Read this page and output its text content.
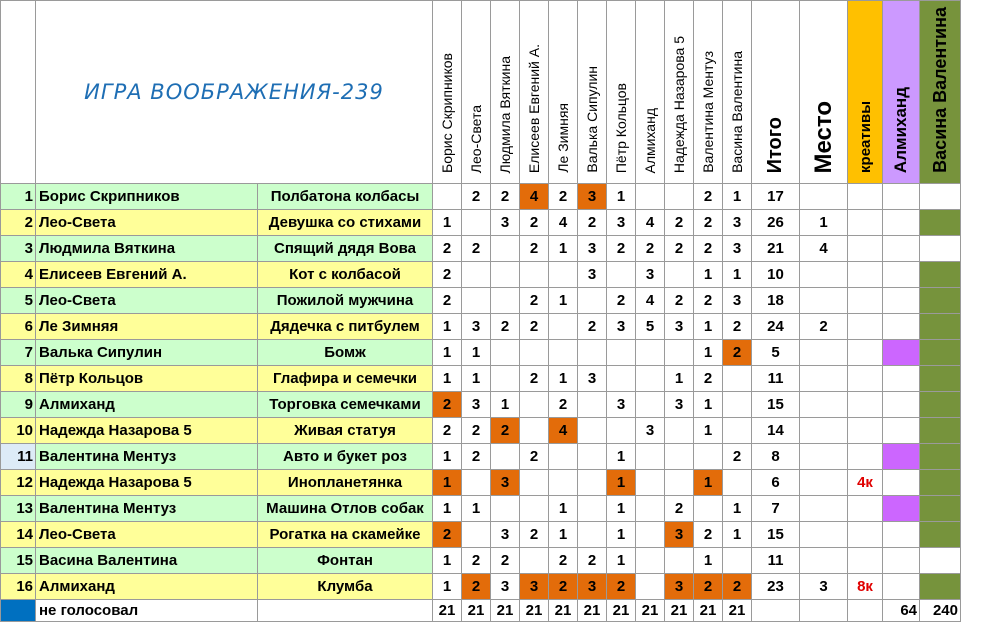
	ИГРА ВООБРАЖЕНИЯ-239		Борис Скрипников	Лео-Света	Людмила Вяткина	Елисеев Евгений А.	Ле Зимняя	Валька Сипулин	Пётр Кольцов	Алмиханд	Надежда Назарова 5	Валентина Ментуз	Васина Валентина	Итого	Место	креативы	Алмиханд	Васина Валентина
1	Борис Скрипников	Полбатона колбасы		2	2	4	2	3	1			2	1	17				
2	Лео-Света	Девушка со стихами	1		3	2	4	2	3	4	2	2	3	26	1			
3	Людмила Вяткина	Спящий дядя Вова	2	2		2	1	3	2	2	2	2	3	21	4			
4	Елисеев Евгений А.	Кот с колбасой	2					3		3		1	1	10				
5	Лео-Света	Пожилой мужчина	2			2	1		2	4	2	2	3	18				
6	Ле Зимняя	Дядечка с питбулем	1	3	2	2		2	3	5	3	1	2	24	2			
7	Валька Сипулин	Бомж	1	1								1	2	5				
8	Пётр Кольцов	Глафира и семечки	1	1		2	1	3			1	2		11				
9	Алмиханд	Торговка семечками	2	3	1		2		3		3	1		15				
10	Надежда Назарова 5	Живая статуя	2	2	2		4			3		1		14				
11	Валентина Ментуз	Авто и букет роз	1	2		2			1				2	8				
12	Надежда Назарова 5	Инопланетянка	1		3				1			1		6		4к		
13	Валентина Ментуз	Машина Отлов собак	1	1			1		1		2		1	7				
14	Лео-Света	Рогатка на скамейке	2		3	2	1		1		3	2	1	15				
15	Васина Валентина	Фонтан	1	2	2		2	2	1			1		11				
16	Алмиханд	Клумба	1	2	3	3	2	3	2		3	2	2	23	3	8к		
	не голосовал		21	21	21	21	21	21	21	21	21	21	21				64	240
